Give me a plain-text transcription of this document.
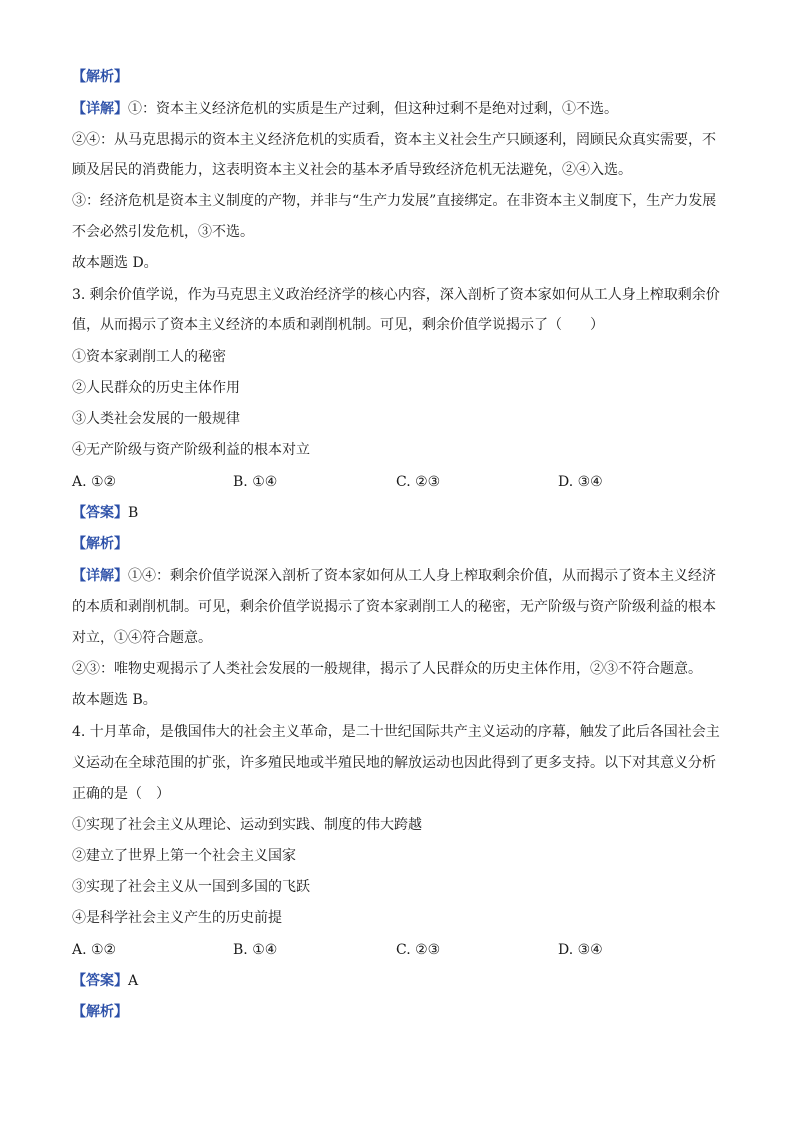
【解析】
【详解】①：资本主义经济危机的实质是生产过剩，但这种过剩不是绝对过剩，①不选。
②④：从马克思揭示的资本主义经济危机的实质看，资本主义社会生产只顾逐利，罔顾民众真实需要，不
顾及居民的消费能力，这表明资本主义社会的基本矛盾导致经济危机无法避免，②④入选。
③：经济危机是资本主义制度的产物，并非与“生产力发展”直接绑定。在非资本主义制度下，生产力发展
不会必然引发危机，③不选。
故本题选 D。
3. 剩余价值学说，作为马克思主义政治经济学的核心内容，深入剖析了资本家如何从工人身上榨取剩余价
值，从而揭示了资本主义经济的本质和剥削机制。可见，剩余价值学说揭示了（　　）
①资本家剥削工人的秘密
②人民群众的历史主体作用
③人类社会发展的一般规律
④无产阶级与资产阶级利益的根本对立
A. ①②	B. ①④	C. ②③	D. ③④
【答案】B
【解析】
【详解】①④：剩余价值学说深入剖析了资本家如何从工人身上榨取剩余价值，从而揭示了资本主义经济
的本质和剥削机制。可见，剩余价值学说揭示了资本家剥削工人的秘密，无产阶级与资产阶级利益的根本
对立，①④符合题意。
②③：唯物史观揭示了人类社会发展的一般规律，揭示了人民群众的历史主体作用，②③不符合题意。
故本题选 B。
4. 十月革命，是俄国伟大的社会主义革命，是二十世纪国际共产主义运动的序幕，触发了此后各国社会主
义运动在全球范围的扩张，许多殖民地或半殖民地的解放运动也因此得到了更多支持。以下对其意义分析
正确的是（　）
①实现了社会主义从理论、运动到实践、制度的伟大跨越
②建立了世界上第一个社会主义国家
③实现了社会主义从一国到多国的飞跃
④是科学社会主义产生的历史前提
A. ①②	B. ①④	C. ②③	D. ③④
【答案】A
【解析】
